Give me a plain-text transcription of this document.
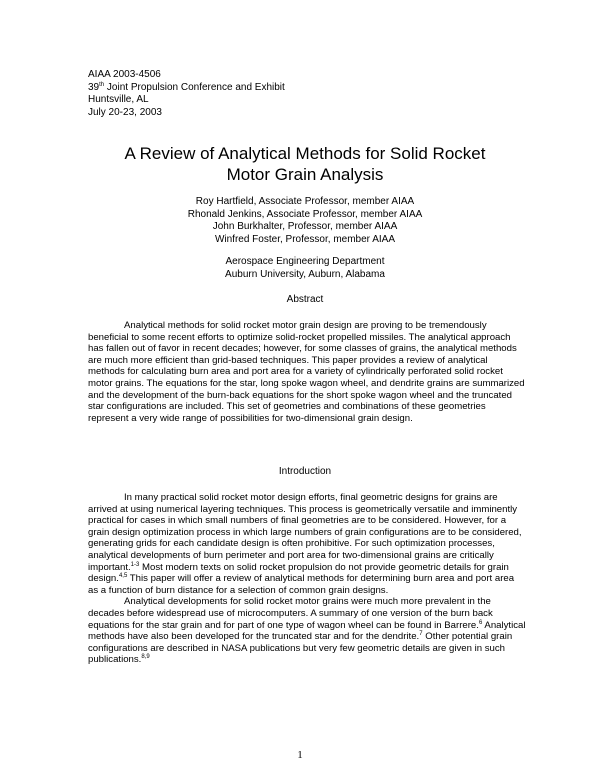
AIAA 2003-4506
39th Joint Propulsion Conference and Exhibit
Huntsville, AL
July 20-23, 2003
A Review of Analytical Methods for Solid Rocket
Motor Grain Analysis
Roy Hartfield, Associate Professor, member AIAA
Rhonald Jenkins, Associate Professor, member AIAA
John Burkhalter, Professor, member AIAA
Winfred Foster, Professor, member AIAA
Aerospace Engineering Department
Auburn University, Auburn, Alabama
Abstract

Analytical methods for solid rocket motor grain design are proving to be tremendously beneficial to some recent efforts to optimize solid-rocket propelled missiles. The analytical approach has fallen out of favor in recent decades; however, for some classes of grains, the analytical methods are much more efficient than grid-based techniques. This paper provides a review of analytical methods for calculating burn area and port area for a variety of cylindrically perforated solid rocket motor grains. The equations for the star, long spoke wagon wheel, and dendrite grains are summarized and the development of the burn-back equations for the short spoke wagon wheel and the truncated star configurations are included. This set of geometries and combinations of these geometries represent a very wide range of possibilities for two-dimensional grain design.

Introduction

In many practical solid rocket motor design efforts, final geometric designs for grains are arrived at using numerical layering techniques. This process is geometrically versatile and imminently practical for cases in which small numbers of final geometries are to be considered. However, for a grain design optimization process in which large numbers of grain configurations are to be considered, generating grids for each candidate design is often prohibitive. For such optimization processes, analytical developments of burn perimeter and port area for two-dimensional grains are critically important.$^{1-3}$ Most modern texts on solid rocket propulsion do not provide geometric details for grain design.$^{4,5}$ This paper will offer a review of analytical methods for determining burn area and port area as a function of burn distance for a selection of common grain designs.

Analytical developments for solid rocket motor grains were much more prevalent in the decades before widespread use of microcomputers. A summary of one version of the burn back equations for the star grain and for part of one type of wagon wheel can be found in Barrere.$^6$ Analytical methods have also been developed for the truncated star and for the dendrite.$^7$ Other potential grain configurations are described in NASA publications but very few geometric details are given in such publications.$^{8,9}$

1
